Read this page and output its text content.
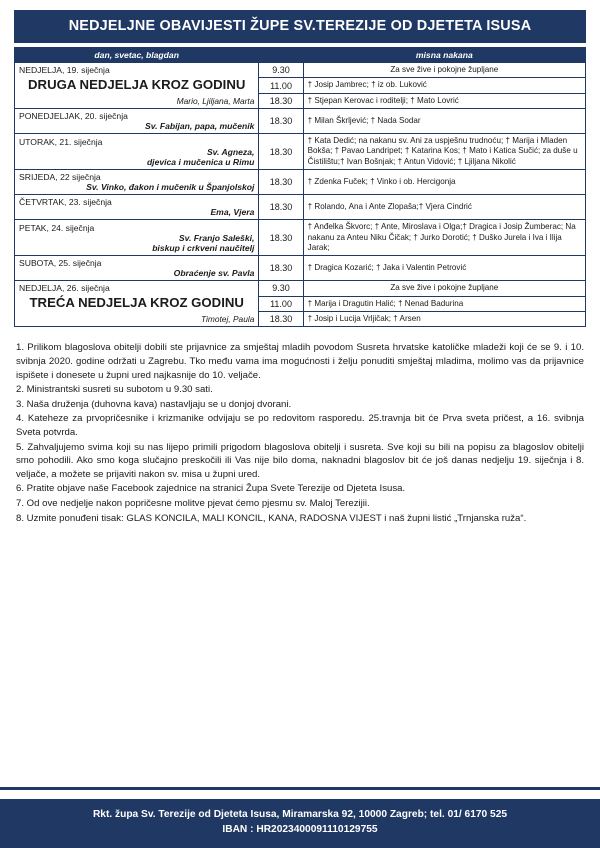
NEDJELJNE OBAVIJESTI ŽUPE SV.TEREZIJE OD DJETETA ISUSA
dan, svetac, blagdan		misna nakana

NEDJELJA, 19. siječnja
DRUGA NEDJELJA KROZ GODINU
Mario, Ljiljana, Marta	9.30	Za sve žive i pokojne župljane
	11.00	† Josip Jambrec; † iz ob. Luković
	18.30	† Stjepan Kerovac i roditelji; † Mato Lovrić

PONEDJELJAK, 20. siječnja
Sv. Fabijan, papa, mučenik	18.30	† Milan Škrljević; † Nada Sodar

UTORAK, 21. siječnja
Sv. Agneza,
djevica i mučenica u Rimu
	18.30	† Kata Dedić; na nakanu sv. Ani za uspješnu trudnoću; † Marija i Mladen Bokša; † Pavao Landripet; † Katarina Kos; † Mato i Katica Sučić; za duše u Čistilištu;† Ivan Bošnjak; † Antun Vidović; † Ljiljana Nikolić

SRIJEDA, 22 siječnja
Sv. Vinko, đakon i mučenik u Španjolskoj	18.30	† Zdenka Fuček; † Vinko i ob. Hercigonja

ČETVRTAK, 23. siječnja
Ema, Vjera	18.30	† Rolando, Ana i Ante Zlopaša;† Vjera Cindrić

PETAK, 24. siječnja
Sv. Franjo Saleški,
biskup i crkveni naučitelj	18.30	† Anđelka Škvorc; † Ante, Miroslava i Olga;† Dragica i Josip Žumberac; Na nakanu za Anteu Niku Čičak; † Jurko Dorotić; † Duško Jurela i Iva i Ilija Jarak;

SUBOTA, 25. siječnja
Obraćenje sv. Pavla	18.30	† Dragica Kozarić; † Jaka i Valentin Petrović

NEDJELJA, 26. siječnja
TREĆA NEDJELJA KROZ GODINU
Timotej, Paula	9.30	Za sve žive i pokojne župljane
	11.00	† Marija i Dragutin Halić; † Nenad Badurina
	18.30	† Josip i Lucija Vrljičak; † Arsen

1. Prilikom blagoslova obitelji dobili ste prijavnice za smještaj mladih povodom Susreta hrvatske katoličke mladeži koji će se 9. i 10. svibnja 2020. godine održati u Zagrebu. Tko među vama ima mogućnosti i želju ponuditi smještaj mladima, molimo vas da prijavnice ispišete i donesete u župni ured najkasnije do 10. veljače.

2. Ministrantski susreti su subotom u 9.30 sati.

3. Naša druženja (duhovna kava) nastavljaju se u donjoj dvorani.

4. Kateheze za prvopričesnike i krizmanike odvijaju se po redovitom rasporedu. 25.travnja bit će Prva sveta pričest, a 16. svibnja Sveta potvrda.

5. Zahvaljujemo svima koji su nas lijepo primili prigodom blagoslova obitelji i susreta. Sve koji su bili na popisu za blagoslov obitelji smo pohodili. Ako smo koga slučajno preskočili ili Vas nije bilo doma, naknadni blagoslov bit će još danas nedjelju 19. siječnja i 8. veljače, a možete se prijaviti nakon sv. misa u župni ured.

6. Pratite objave naše Facebook zajednice na stranici Župa Svete Terezije od Djeteta Isusa.

7. Od ove nedjelje nakon popričesne molitve pjevat ćemo pjesmu sv. Maloj Terezijii.

8. Uzmite ponuđeni tisak: GLAS KONCILA, MALI KONCIL, KANA, RADOSNA VIJEST i naš župni listić „Trnjanska ruža“.

Rkt. župa Sv. Terezije od Djeteta Isusa, Miramarska 92, 10000 Zagreb; tel. 01/ 6170 525
IBAN : HR2023400091110129755
